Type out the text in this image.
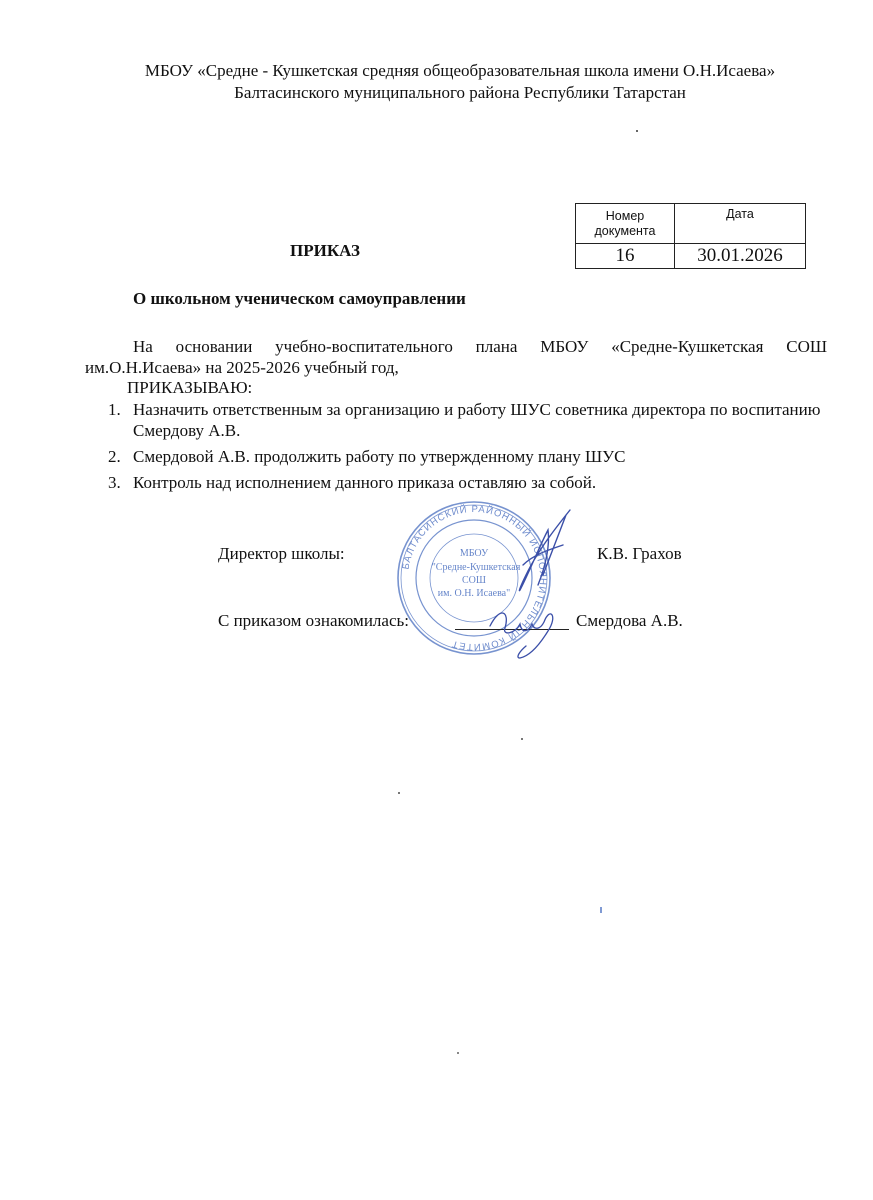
МБОУ «Средне - Кушкетская средняя общеобразовательная школа имени О.Н.Исаева»
Балтасинского муниципального района Республики Татарстан
Номер документа	Дата
16	30.01.2026
ПРИКАЗ
О школьном ученическом самоуправлении
На основании учебно-воспитательного плана МБОУ «Средне-Кушкетская СОШ им.О.Н.Исаева» на 2025-2026 учебный год,
ПРИКАЗЫВАЮ:
1. Назначить ответственным за организацию и работу ШУС советника директора по воспитанию Смердову А.В.
2. Смердовой А.В. продолжить работу по утвержденному плану ШУС
3. Контроль над исполнением данного приказа оставляю за собой.
БАЛТАСИНСКИЙ РАЙОННЫЙ ИСПОЛНИТЕЛЬНЫЙ КОМИТЕТ
МБОУ
"Средне-Кушкетская
СОШ
им. О.Н. Исаева"
Директор школы:	К.В. Грахов
С приказом ознакомилась:	Смердова А.В.
